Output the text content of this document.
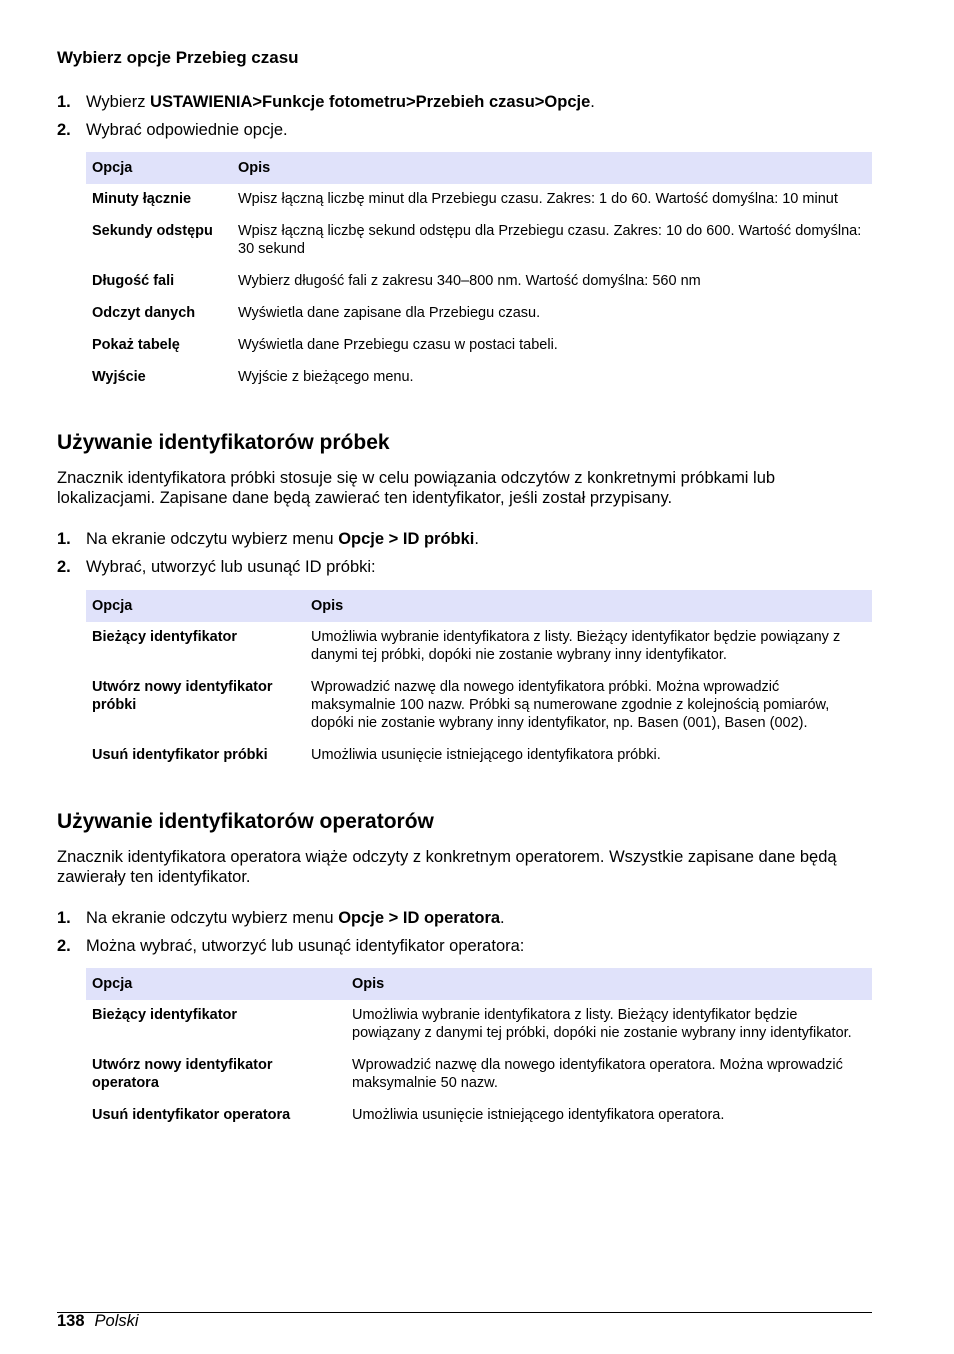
Wybierz opcje Przebieg czasu
1. Wybierz USTAWIENIA>Funkcje fotometru>Przebieh czasu>Opcje.
2. Wybrać odpowiednie opcje.
Opcja	Opis
Minuty łącznie	Wpisz łączną liczbę minut dla Przebiegu czasu. Zakres: 1 do 60. Wartość domyślna: 10 minut
Sekundy odstępu	Wpisz łączną liczbę sekund odstępu dla Przebiegu czasu. Zakres: 10 do 600. Wartość domyślna: 30 sekund
Długość fali	Wybierz długość fali z zakresu 340–800 nm. Wartość domyślna: 560 nm
Odczyt danych	Wyświetla dane zapisane dla Przebiegu czasu.
Pokaż tabelę	Wyświetla dane Przebiegu czasu w postaci tabeli.
Wyjście	Wyjście z bieżącego menu.
Używanie identyfikatorów próbek
Znacznik identyfikatora próbki stosuje się w celu powiązania odczytów z konkretnymi próbkami lub lokalizacjami. Zapisane dane będą zawierać ten identyfikator, jeśli został przypisany.
1. Na ekranie odczytu wybierz menu Opcje > ID próbki.
2. Wybrać, utworzyć lub usunąć ID próbki:
Opcja	Opis
Bieżący identyfikator	Umożliwia wybranie identyfikatora z listy. Bieżący identyfikator będzie powiązany z danymi tej próbki, dopóki nie zostanie wybrany inny identyfikator.
Utwórz nowy identyfikator próbki	Wprowadzić nazwę dla nowego identyfikatora próbki. Można wprowadzić maksymalnie 100 nazw. Próbki są numerowane zgodnie z kolejnością pomiarów, dopóki nie zostanie wybrany inny identyfikator, np. Basen (001), Basen (002).
Usuń identyfikator próbki	Umożliwia usunięcie istniejącego identyfikatora próbki.
Używanie identyfikatorów operatorów
Znacznik identyfikatora operatora wiąże odczyty z konkretnym operatorem. Wszystkie zapisane dane będą zawierały ten identyfikator.
1. Na ekranie odczytu wybierz menu Opcje > ID operatora.
2. Można wybrać, utworzyć lub usunąć identyfikator operatora:
Opcja	Opis
Bieżący identyfikator	Umożliwia wybranie identyfikatora z listy. Bieżący identyfikator będzie powiązany z danymi tej próbki, dopóki nie zostanie wybrany inny identyfikator.
Utwórz nowy identyfikator operatora	Wprowadzić nazwę dla nowego identyfikatora operatora. Można wprowadzić maksymalnie 50 nazw.
Usuń identyfikator operatora	Umożliwia usunięcie istniejącego identyfikatora operatora.
138 Polski
